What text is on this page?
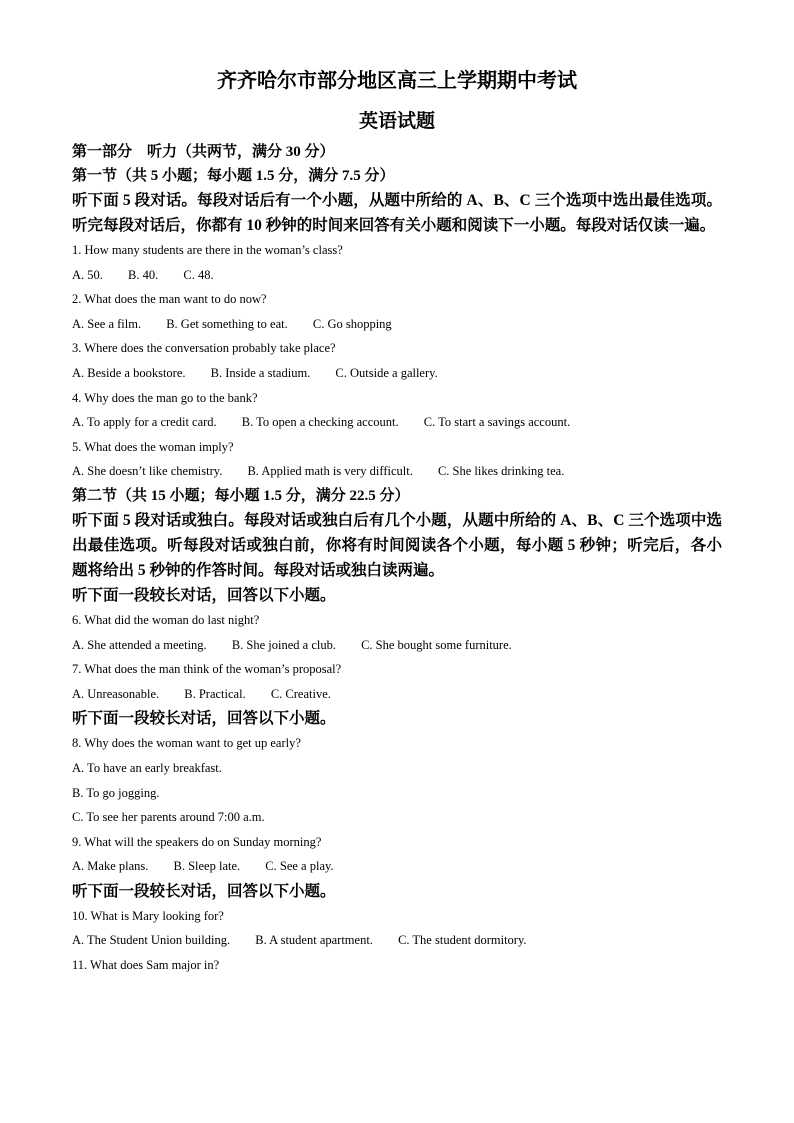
齐齐哈尔市部分地区高三上学期期中考试
英语试题
第一部分　听力（共两节，满分 30 分）
第一节（共 5 小题；每小题 1.5 分，满分 7.5 分）
听下面 5 段对话。每段对话后有一个小题，从题中所给的 A、B、C 三个选项中选出最佳选项。听完每段对话后，你都有 10 秒钟的时间来回答有关小题和阅读下一小题。每段对话仅读一遍。
1. How many students are there in the woman’s class?
A. 50. B. 40. C. 48.
2. What does the man want to do now?
A. See a film. B. Get something to eat. C. Go shopping
3. Where does the conversation probably take place?
A. Beside a bookstore. B. Inside a stadium. C. Outside a gallery.
4. Why does the man go to the bank?
A. To apply for a credit card. B. To open a checking account. C. To start a savings account.
5. What does the woman imply?
A. She doesn’t like chemistry. B. Applied math is very difficult. C. She likes drinking tea.
第二节（共 15 小题；每小题 1.5 分，满分 22.5 分）
听下面 5 段对话或独白。每段对话或独白后有几个小题，从题中所给的 A、B、C 三个选项中选出最佳选项。听每段对话或独白前，你将有时间阅读各个小题，每小题 5 秒钟；听完后，各小题将给出 5 秒钟的作答时间。每段对话或独白读两遍。
听下面一段较长对话，回答以下小题。
6. What did the woman do last night?
A. She attended a meeting. B. She joined a club. C. She bought some furniture.
7. What does the man think of the woman’s proposal?
A. Unreasonable. B. Practical. C. Creative.
听下面一段较长对话，回答以下小题。
8. Why does the woman want to get up early?
A. To have an early breakfast.
B. To go jogging.
C. To see her parents around 7:00 a.m.
9. What will the speakers do on Sunday morning?
A. Make plans. B. Sleep late. C. See a play.
听下面一段较长对话，回答以下小题。
10. What is Mary looking for?
A. The Student Union building. B. A student apartment. C. The student dormitory.
11. What does Sam major in?
